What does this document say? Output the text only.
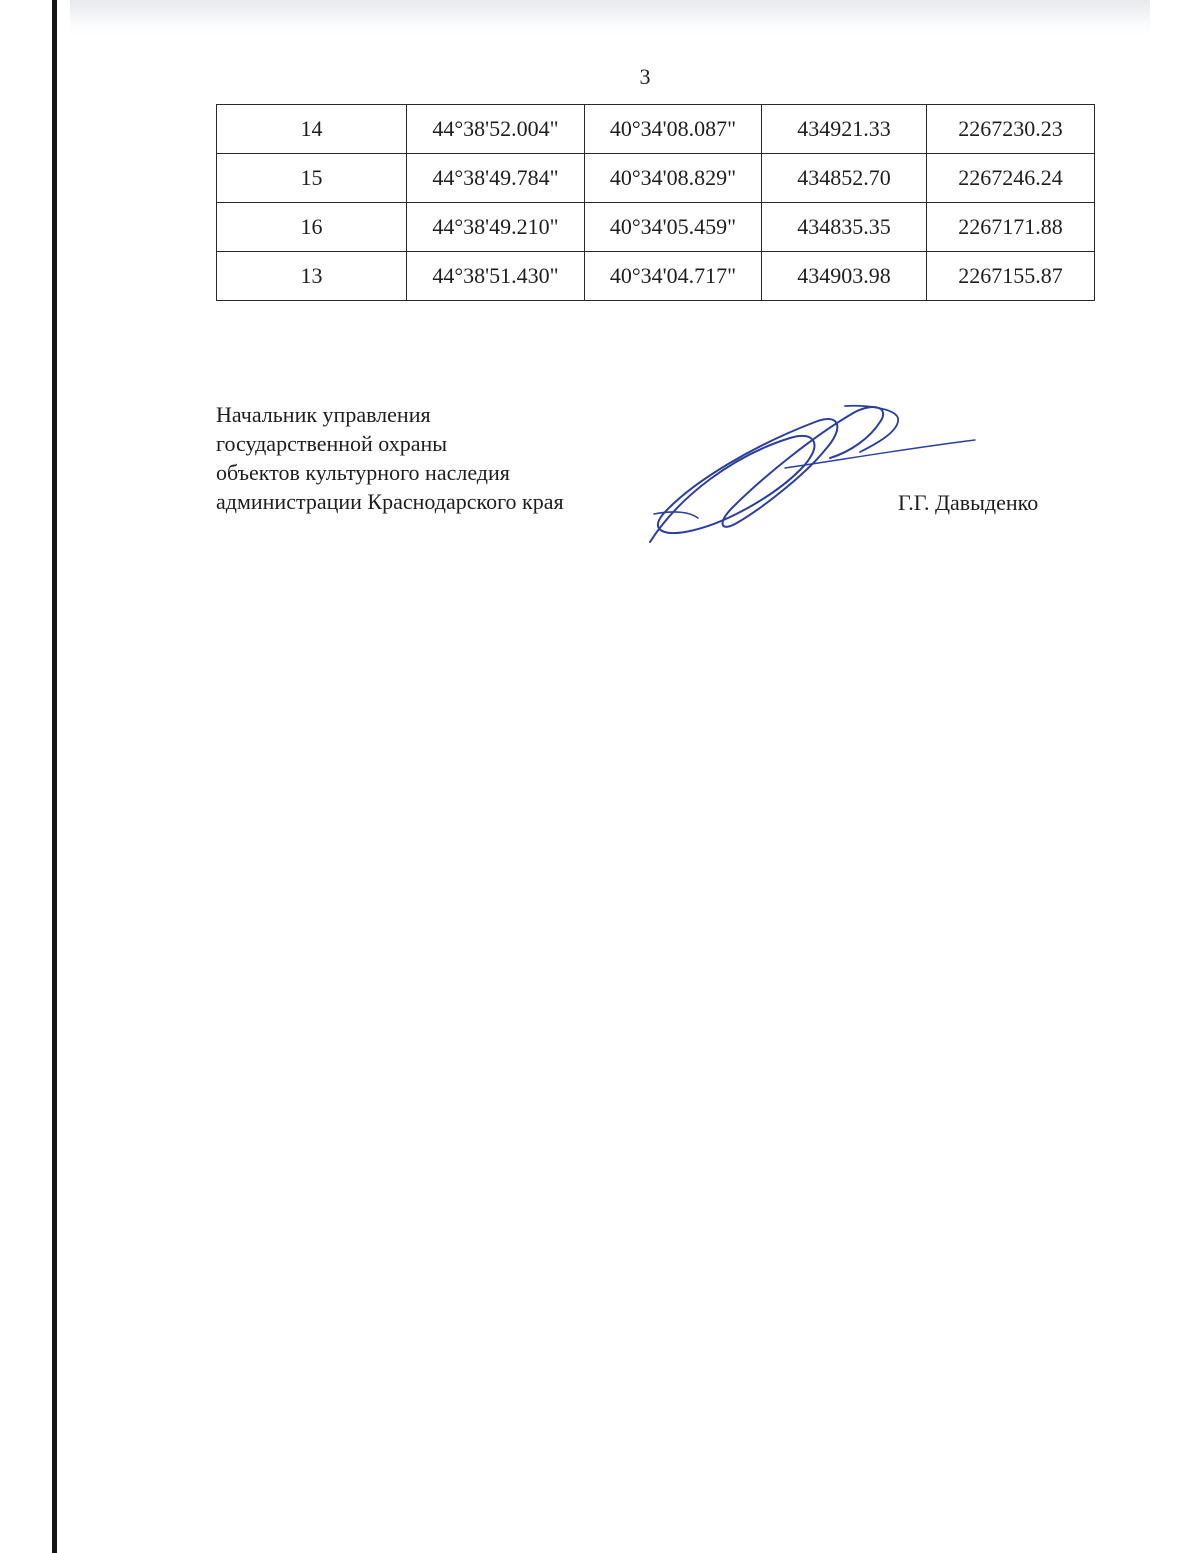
3
14	44°38'52.004"	40°34'08.087"	434921.33	2267230.23
15	44°38'49.784"	40°34'08.829"	434852.70	2267246.24
16	44°38'49.210"	40°34'05.459"	434835.35	2267171.88
13	44°38'51.430"	40°34'04.717"	434903.98	2267155.87
Начальник управления
государственной охраны
объектов культурного наследия
администрации Краснодарского края	Г.Г. Давыденко
